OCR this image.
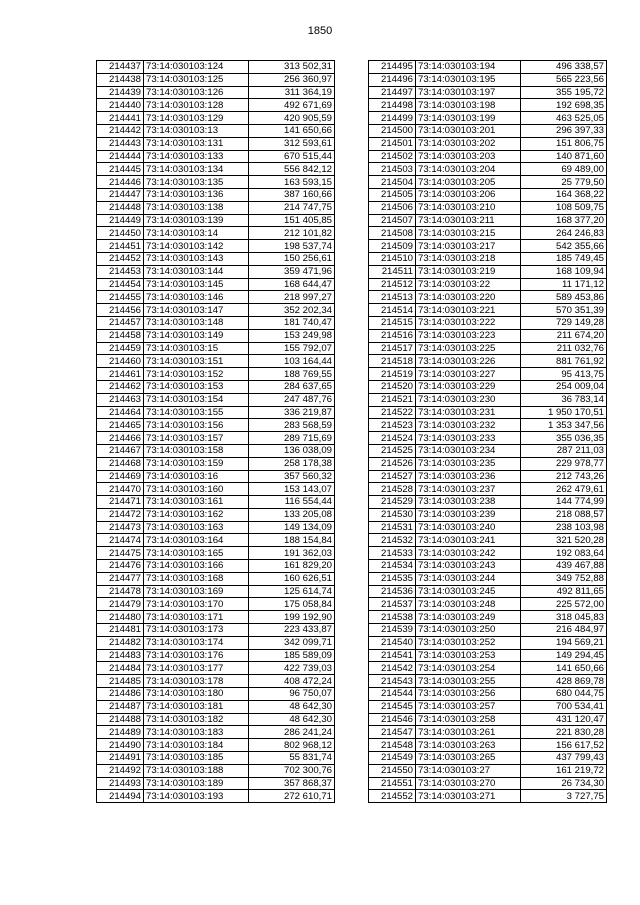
1850
214437	73:14:030103:124	313 502,31
214438	73:14:030103:125	256 360,97
214439	73:14:030103:126	311 364,19
214440	73:14:030103:128	492 671,69
214441	73:14:030103:129	420 905,59
214442	73:14:030103:13	141 650,66
214443	73:14:030103:131	312 593,61
214444	73:14:030103:133	670 515,44
214445	73:14:030103:134	556 842,12
214446	73:14:030103:135	163 593,15
214447	73:14:030103:136	387 160,66
214448	73:14:030103:138	214 747,75
214449	73:14:030103:139	151 405,85
214450	73:14:030103:14	212 101,82
214451	73:14:030103:142	198 537,74
214452	73:14:030103:143	150 256,61
214453	73:14:030103:144	359 471,96
214454	73:14:030103:145	168 644,47
214455	73:14:030103:146	218 997,27
214456	73:14:030103:147	352 202,34
214457	73:14:030103:148	181 740,47
214458	73:14:030103:149	153 249,98
214459	73:14:030103:15	155 792,07
214460	73:14:030103:151	103 164,44
214461	73:14:030103:152	188 769,55
214462	73:14:030103:153	284 637,65
214463	73:14:030103:154	247 487,76
214464	73:14:030103:155	336 219,87
214465	73:14:030103:156	283 568,59
214466	73:14:030103:157	289 715,69
214467	73:14:030103:158	136 038,09
214468	73:14:030103:159	258 178,38
214469	73:14:030103:16	357 560,32
214470	73:14:030103:160	153 143,07
214471	73:14:030103:161	116 554,44
214472	73:14:030103:162	133 205,08
214473	73:14:030103:163	149 134,09
214474	73:14:030103:164	188 154,84
214475	73:14:030103:165	191 362,03
214476	73:14:030103:166	161 829,20
214477	73:14:030103:168	160 626,51
214478	73:14:030103:169	125 614,74
214479	73:14:030103:170	175 058,84
214480	73:14:030103:171	199 192,90
214481	73:14:030103:173	223 433,87
214482	73:14:030103:174	342 099,71
214483	73:14:030103:176	185 589,09
214484	73:14:030103:177	422 739,03
214485	73:14:030103:178	408 472,24
214486	73:14:030103:180	96 750,07
214487	73:14:030103:181	48 642,30
214488	73:14:030103:182	48 642,30
214489	73:14:030103:183	286 241,24
214490	73:14:030103:184	802 968,12
214491	73:14:030103:185	55 831,74
214492	73:14:030103:188	702 300,76
214493	73:14:030103:189	357 868,37
214494	73:14:030103:193	272 610,71
214495	73:14:030103:194	496 338,57
214496	73:14:030103:195	565 223,56
214497	73:14:030103:197	355 195,72
214498	73:14:030103:198	192 698,35
214499	73:14:030103:199	463 525,05
214500	73:14:030103:201	296 397,33
214501	73:14:030103:202	151 806,75
214502	73:14:030103:203	140 871,60
214503	73:14:030103:204	69 489,00
214504	73:14:030103:205	25 779,50
214505	73:14:030103:206	164 368,22
214506	73:14:030103:210	108 509,75
214507	73:14:030103:211	168 377,20
214508	73:14:030103:215	264 246,83
214509	73:14:030103:217	542 355,66
214510	73:14:030103:218	185 749,45
214511	73:14:030103:219	168 109,94
214512	73:14:030103:22	11 171,12
214513	73:14:030103:220	589 453,86
214514	73:14:030103:221	570 351,39
214515	73:14:030103:222	729 149,28
214516	73:14:030103:223	211 674,20
214517	73:14:030103:225	211 032,76
214518	73:14:030103:226	881 761,92
214519	73:14:030103:227	95 413,75
214520	73:14:030103:229	254 009,04
214521	73:14:030103:230	36 783,14
214522	73:14:030103:231	1 950 170,51
214523	73:14:030103:232	1 353 347,56
214524	73:14:030103:233	355 036,35
214525	73:14:030103:234	287 211,03
214526	73:14:030103:235	229 978,77
214527	73:14:030103:236	212 743,26
214528	73:14:030103:237	262 479,61
214529	73:14:030103:238	144 774,99
214530	73:14:030103:239	218 088,57
214531	73:14:030103:240	238 103,98
214532	73:14:030103:241	321 520,28
214533	73:14:030103:242	192 083,64
214534	73:14:030103:243	439 467,88
214535	73:14:030103:244	349 752,88
214536	73:14:030103:245	492 811,65
214537	73:14:030103:248	225 572,00
214538	73:14:030103:249	318 045,83
214539	73:14:030103:250	216 484,97
214540	73:14:030103:252	194 569,21
214541	73:14:030103:253	149 294,45
214542	73:14:030103:254	141 650,66
214543	73:14:030103:255	428 869,78
214544	73:14:030103:256	680 044,75
214545	73:14:030103:257	700 534,41
214546	73:14:030103:258	431 120,47
214547	73:14:030103:261	221 830,28
214548	73:14:030103:263	156 617,52
214549	73:14:030103:265	437 799,43
214550	73:14:030103:27	161 219,72
214551	73:14:030103:270	26 734,30
214552	73:14:030103:271	3 727,75
